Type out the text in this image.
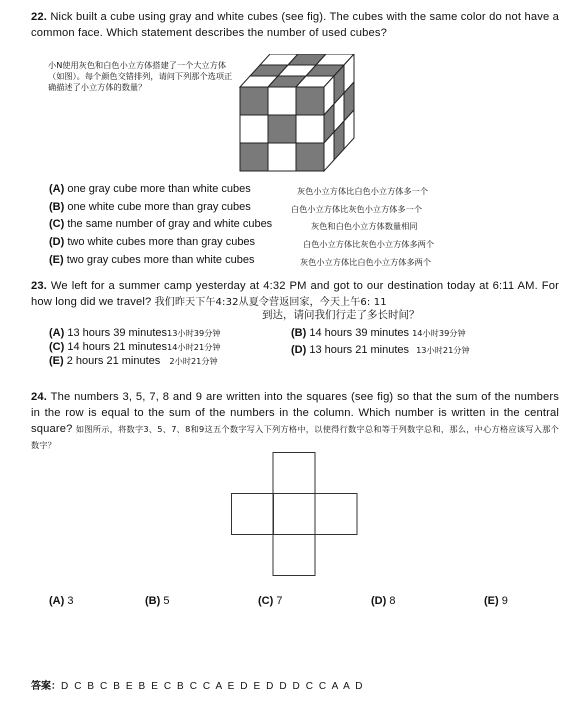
22. Nick built a cube using gray and white cubes (see fig). The cubes with the same color do not have a common face. Which statement describes the number of used cubes?
小N使用灰色和白色小立方体搭建了一个大立方体（如图）。每个颜色交错排列，请问下列那个选项正确描述了小立方体的数量？
(A) one gray cube more than white cubes	灰色小立方体比白色小立方体多一个
(B) one white cube more than gray cubes	白色小立方体比灰色小立方体多一个
(C) the same number of gray and white cubes	灰色和白色小立方体数量相同
(D) two white cubes more than gray cubes	白色小立方体比灰色小立方体多两个
(E) two gray cubes more than white cubes	灰色小立方体比白色小立方体多两个
23. We left for a summer camp yesterday at 4:32 PM and got to our destination today at 6:11 AM. For how long did we travel? 我们昨天下午4:32从夏令营返回家，今天上午6: 11
到达，请问我们行走了多长时间？
(A) 13 hours 39 minutes13小时39分钟	(B) 14 hours 39 minutes 14小时39分钟
(C) 14 hours 21 minutes14小时21分钟	(D) 13 hours 21 minutes 13小时21分钟
(E) 2 hours 21 minutes 2小时21分钟
24. The numbers 3, 5, 7, 8 and 9 are written into the squares (see fig) so that the sum of the numbers in the row is equal to the sum of the numbers in the column. Which number is written in the central square? 如图所示，将数字3、5、7、8和9这五个数字写入下列方格中，以使得行数字总和等于列数字总和，那么，中心方格应该写入那个数字？
(A) 3	(B) 5	(C) 7	(D) 8	(E) 9
答案：D C B C B E B E C B C C A E D E D D D C C A A D
